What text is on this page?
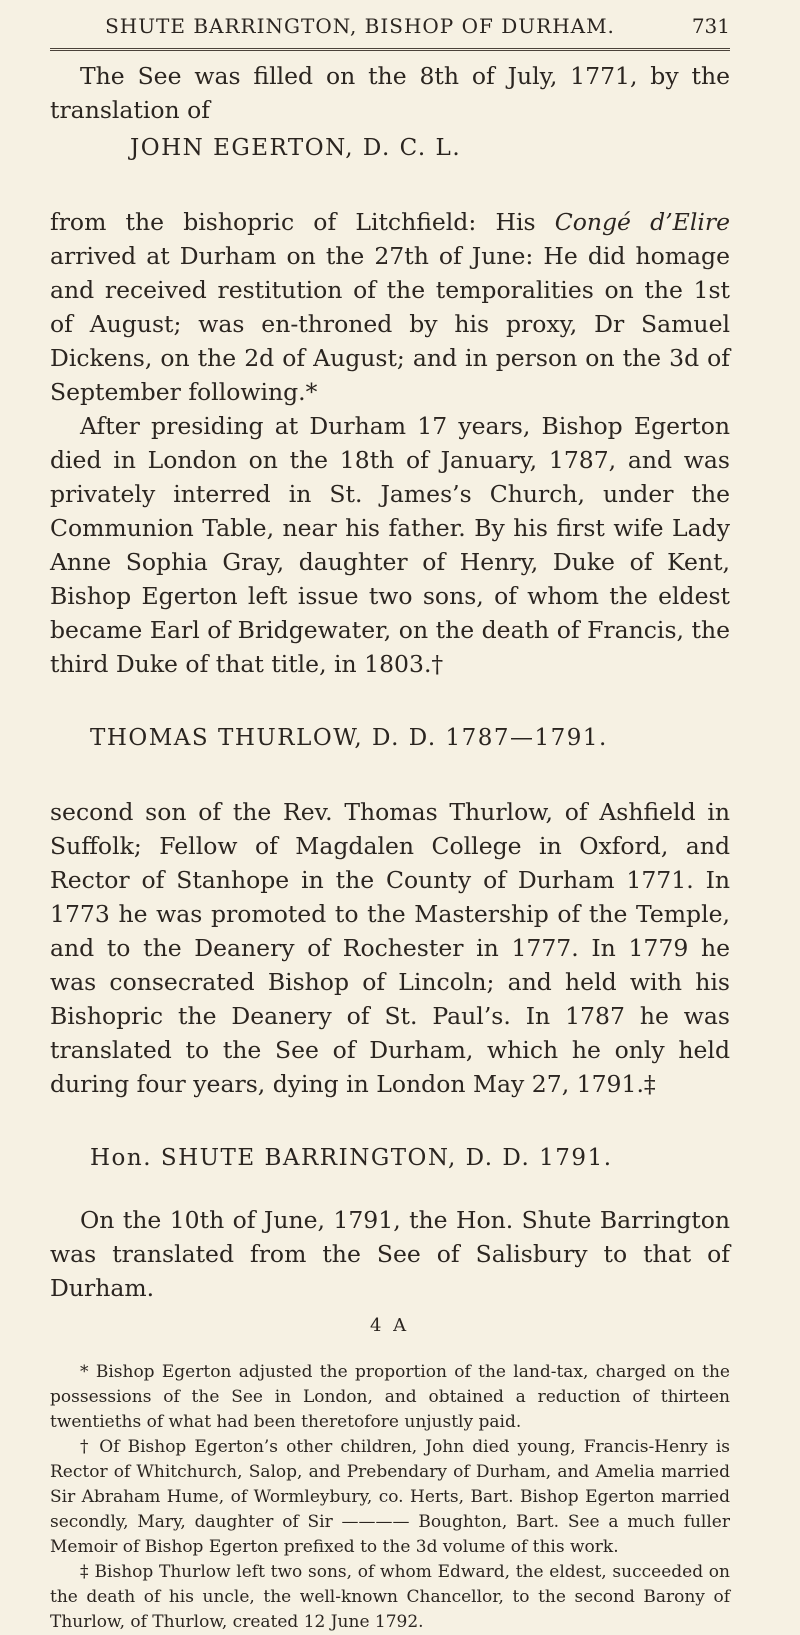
SHUTE BARRINGTON, BISHOP OF DURHAM.	731

The See was filled on the 8th of July, 1771, by the translation of

JOHN EGERTON, D. C. L.

from the bishopric of Litchfield: His Congé d’Elire arrived at Durham on the 27th of June: He did homage and received restitution of the temporalities on the 1st of August; was en-throned by his proxy, Dr Samuel Dickens, on the 2d of August; and in person on the 3d of September following.*

After presiding at Durham 17 years, Bishop Egerton died in London on the 18th of January, 1787, and was privately interred in St. James’s Church, under the Communion Table, near his father. By his first wife Lady Anne Sophia Gray, daughter of Henry, Duke of Kent, Bishop Egerton left issue two sons, of whom the eldest became Earl of Bridgewater, on the death of Francis, the third Duke of that title, in 1803.†

THOMAS THURLOW, D. D. 1787—1791.

second son of the Rev. Thomas Thurlow, of Ashfield in Suffolk; Fellow of Magdalen College in Oxford, and Rector of Stanhope in the County of Durham 1771. In 1773 he was promoted to the Mastership of the Temple, and to the Deanery of Rochester in 1777. In 1779 he was consecrated Bishop of Lincoln; and held with his Bishopric the Deanery of St. Paul’s. In 1787 he was translated to the See of Durham, which he only held during four years, dying in London May 27, 1791.‡

Hon. SHUTE BARRINGTON, D. D. 1791.

On the 10th of June, 1791, the Hon. Shute Barrington was translated from the See of Salisbury to that of Durham.

4 A

* Bishop Egerton adjusted the proportion of the land-tax, charged on the possessions of the See in London, and obtained a reduction of thirteen twentieths of what had been theretofore unjustly paid.

† Of Bishop Egerton’s other children, John died young, Francis-Henry is Rector of Whitchurch, Salop, and Prebendary of Durham, and Amelia married Sir Abraham Hume, of Wormleybury, co. Herts, Bart. Bishop Egerton married secondly, Mary, daughter of Sir ———— Boughton, Bart. See a much fuller Memoir of Bishop Egerton prefixed to the 3d volume of this work.

‡ Bishop Thurlow left two sons, of whom Edward, the eldest, succeeded on the death of his uncle, the well-known Chancellor, to the second Barony of Thurlow, of Thurlow, created 12 June 1792.
